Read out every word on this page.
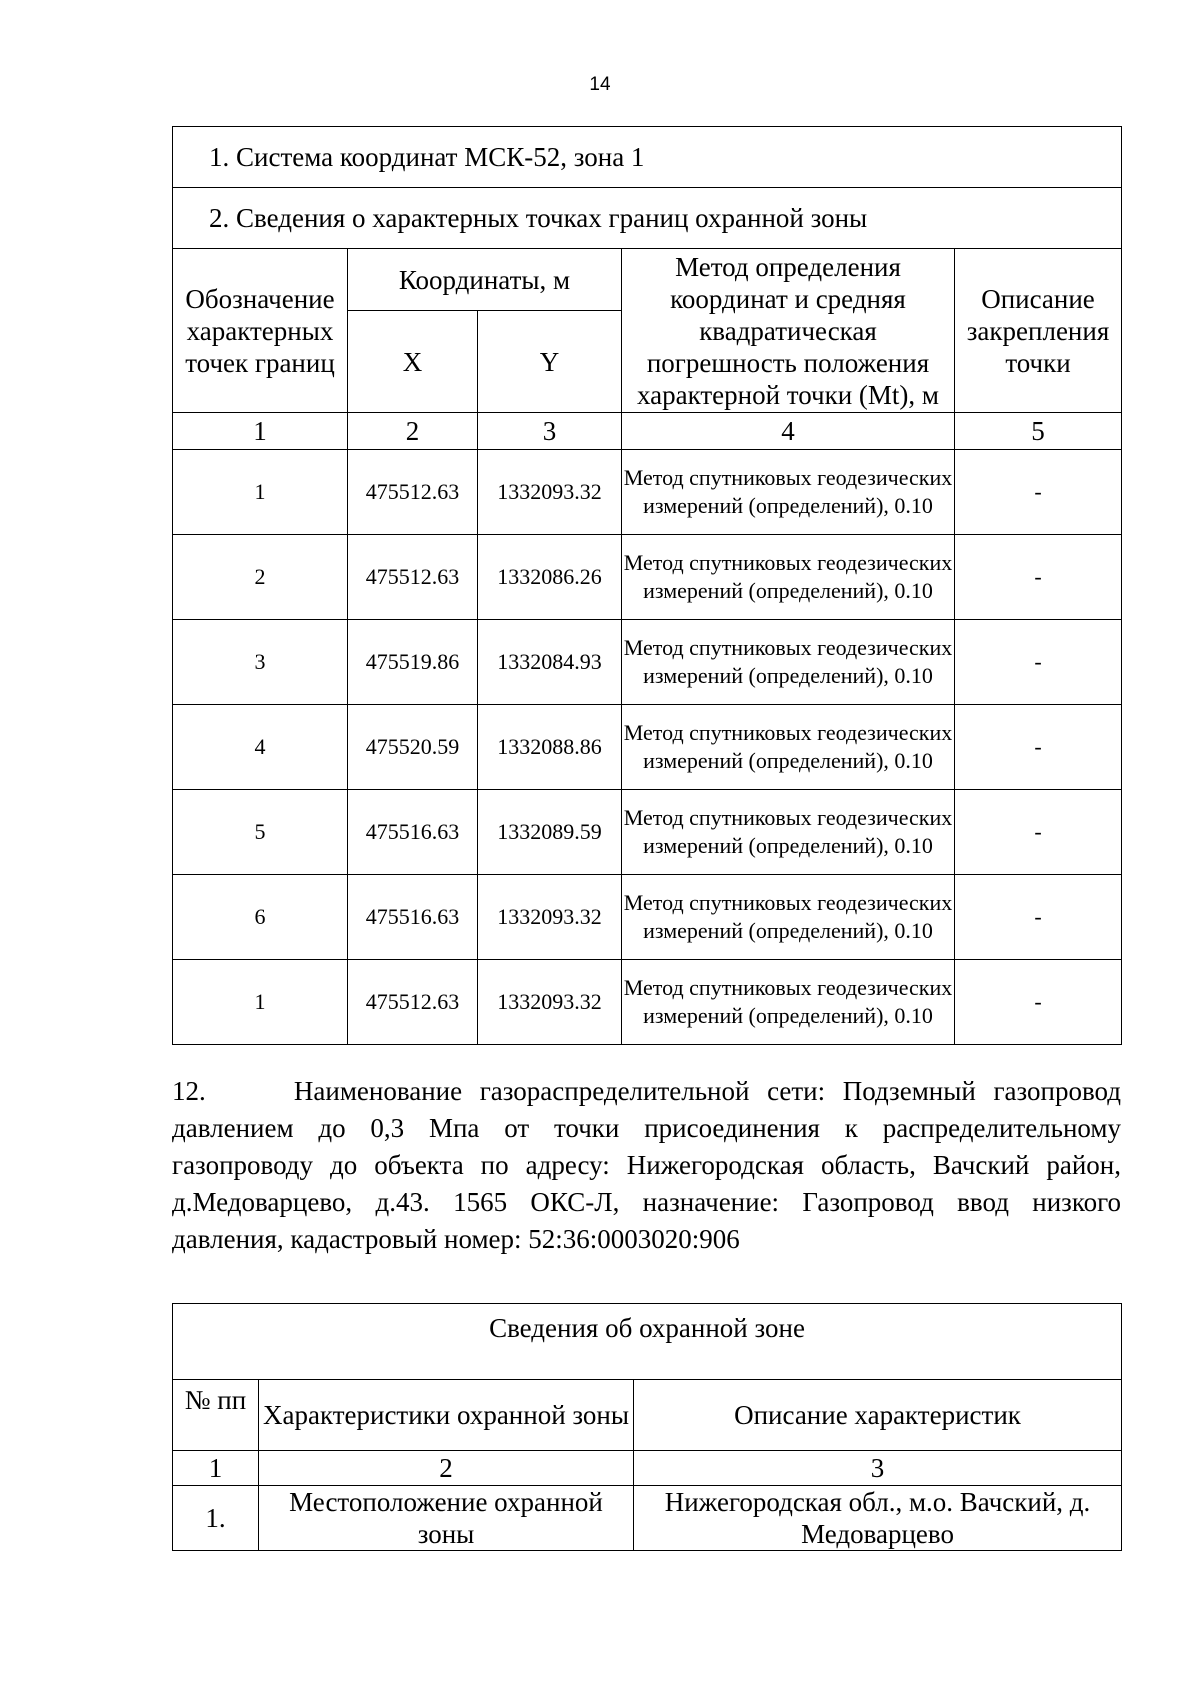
14
1. Система координат МСК-52, зона 1				
2. Сведения о характерных точках границ охранной зоны				
Обозначение характерных точек границ	Координаты, м		Метод определения координат и средняя квадратическая погрешность положения характерной точки (Mt), м	Описание закрепления точки
	X	Y		
1	2	3	4	5
1	475512.63	1332093.32	Метод спутниковых геодезических измерений (определений), 0.10	-
2	475512.63	1332086.26	Метод спутниковых геодезических измерений (определений), 0.10	-
3	475519.86	1332084.93	Метод спутниковых геодезических измерений (определений), 0.10	-
4	475520.59	1332088.86	Метод спутниковых геодезических измерений (определений), 0.10	-
5	475516.63	1332089.59	Метод спутниковых геодезических измерений (определений), 0.10	-
6	475516.63	1332093.32	Метод спутниковых геодезических измерений (определений), 0.10	-
1	475512.63	1332093.32	Метод спутниковых геодезических измерений (определений), 0.10	-

12.     Наименование газораспределительной сети: Подземный газопровод давлением до 0,3 Мпа от точки присоединения к распределительному газопроводу до объекта по адресу: Нижегородская область, Вачский район, д.Медоварцево, д.43. 1565 ОКС-Л, назначение: Газопровод ввод низкого давления, кадастровый номер: 52:36:0003020:906

Сведения об охранной зоне		
№ пп	Характеристики охранной зоны	Описание характеристик
1	2	3
1.	Местоположение охранной зоны	Нижегородская обл., м.о. Вачский, д. Медоварцево
